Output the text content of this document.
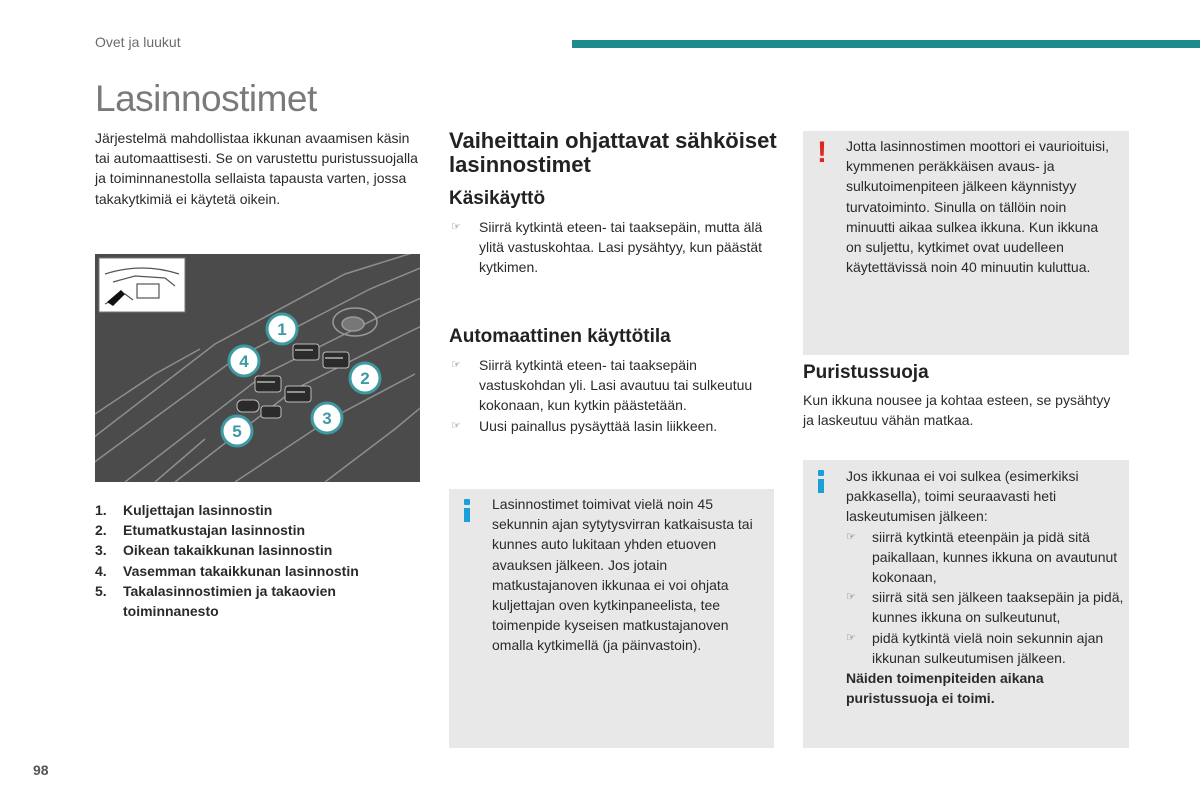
Ovet ja luukut
Lasinnostimet

Järjestelmä mahdollistaa ikkunan avaamisen käsin tai automaattisesti. Se on varustettu puristussuojalla ja toiminnanestolla sellaista tapausta varten, jossa takakytkimiä ei käytetä oikein.

1
2
3
4
5
1.	Kuljettajan lasinnostin
2.	Etumatkustajan lasinnostin
3.	Oikean takaikkunan lasinnostin
4.	Vasemman takaikkunan lasinnostin
5.	Takalasinnostimien ja takaovien toiminnanesto
Vaiheittain ohjattavat sähköiset lasinnostimet
Käsikäyttö
☞	Siirrä kytkintä eteen- tai taaksepäin, mutta älä ylitä vastuskohtaa. Lasi pysähtyy, kun päästät kytkimen.
Automaattinen käyttötila
☞	Siirrä kytkintä eteen- tai taaksepäin vastuskohdan yli. Lasi avautuu tai sulkeutuu kokonaan, kun kytkin päästetään.
☞	Uusi painallus pysäyttää lasin liikkeen.

Lasinnostimet toimivat vielä noin 45 sekunnin ajan sytytysvirran katkaisusta tai kunnes auto lukitaan yhden etuoven avauksen jälkeen. Jos jotain matkustajanoven ikkunaa ei voi ohjata kuljettajan oven kytkinpaneelista, tee toimenpide kyseisen matkustajanoven omalla kytkimellä (ja päinvastoin).

! Jotta lasinnostimen moottori ei vaurioituisi, kymmenen peräkkäisen avaus- ja sulkutoimenpiteen jälkeen käynnistyy turvatoiminto. Sinulla on tällöin noin minuutti aikaa sulkea ikkuna. Kun ikkuna on suljettu, kytkimet ovat uudelleen käytettävissä noin 40 minuutin kuluttua.

Puristussuoja

Kun ikkuna nousee ja kohtaa esteen, se pysähtyy ja laskeutuu vähän matkaa.

Jos ikkunaa ei voi sulkea (esimerkiksi pakkasella), toimi seuraavasti heti laskeutumisen jälkeen:

☞	siirrä kytkintä eteenpäin ja pidä sitä paikallaan, kunnes ikkuna on avautunut kokonaan,
☞	siirrä sitä sen jälkeen taaksepäin ja pidä, kunnes ikkuna on sulkeutunut,
☞	pidä kytkintä vielä noin sekunnin ajan ikkunan sulkeutumisen jälkeen.

Näiden toimenpiteiden aikana puristussuoja ei toimi.

98
